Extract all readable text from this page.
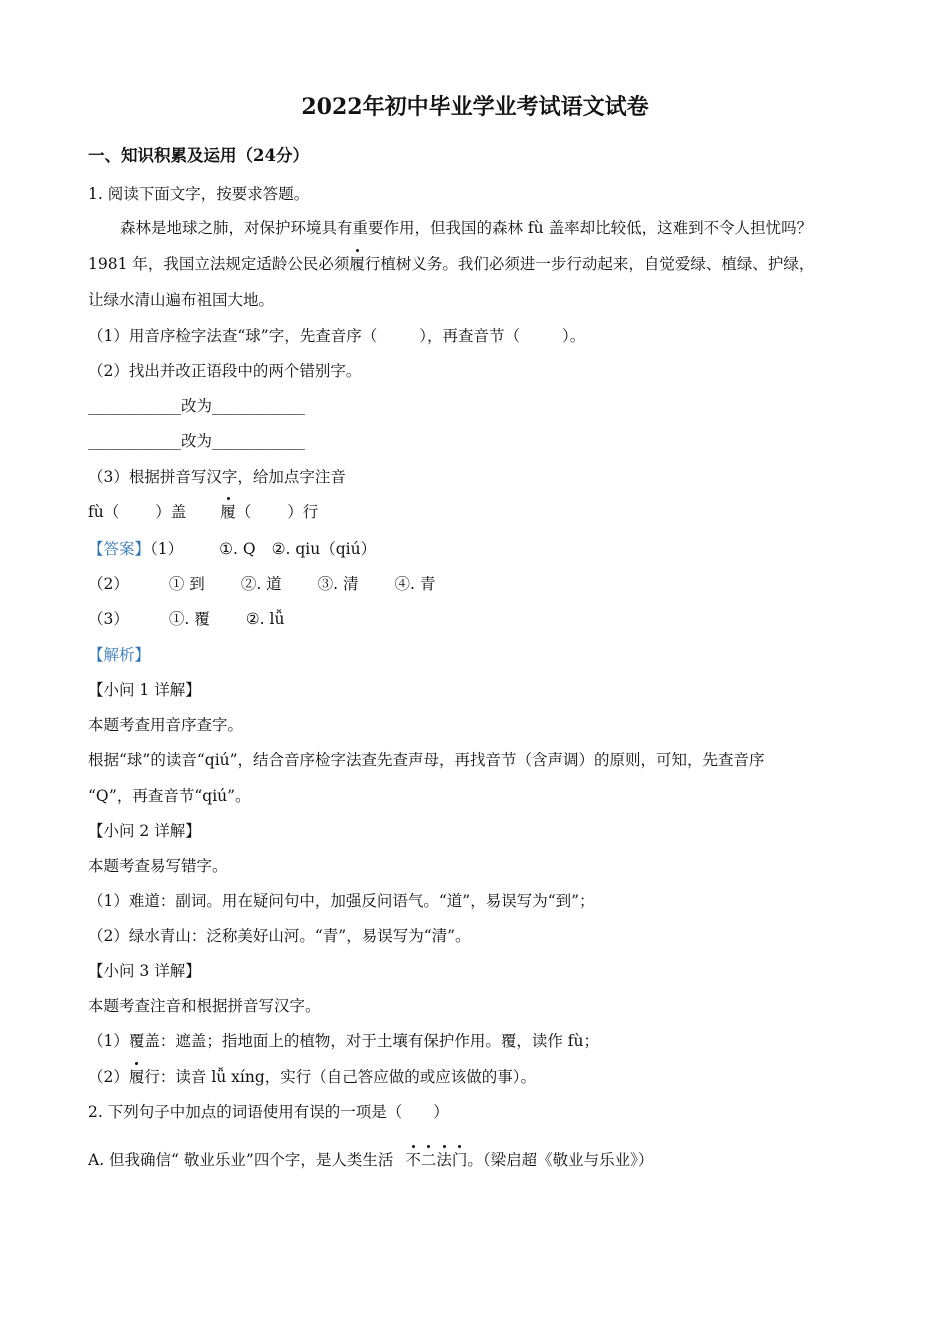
2022年初中毕业学业考试语文试卷

一、知识积累及运用（24分）

1. 阅读下面文字，按要求答题。

森林是地球之肺，对保护环境具有重要作用，但我国的森林 fù 盖率却比较低，这难到不令人担忧吗？

1981 年，我国立法规定适龄公民必须履行植树义务。我们必须进一步行动起来，自觉爱绿、植绿、护绿，

让绿水清山遍布祖国大地。

（1）用音序检字法查“球”字，先查音序（	），再查音节（	）。

（2）找出并改正语段中的两个错别字。

____________改为____________

____________改为____________

（3）根据拼音写汉字，给加点字注音

fù（ ）盖 履（ ）行

【答案】（1） ①. Q ②. qiu（qiú）

（2）	① 到 ②. 道 ③. 清 ④. 青

（3）	①. 覆 ②. lǚ

【解析】

【小问 1 详解】

本题考查用音序查字。

根据“球”的读音“qiú”，结合音序检字法查先查声母，再找音节（含声调）的原则，可知，先查音序

“Q”，再查音节“qiú”。

【小问 2 详解】

本题考查易写错字。

（1）难道：副词。用在疑问句中，加强反问语气。“道”，易误写为“到”；

（2）绿水青山：泛称美好山河。“青”，易误写为“清”。

【小问 3 详解】

本题考查注音和根据拼音写汉字。

（1）覆盖：遮盖；指地面上的植物，对于土壤有保护作用。覆，读作 fù；

（2）履行：读音 lǚ xíng，实行（自己答应做的或应该做的事）。

2. 下列句子中加点的词语使用有误的一项是（　　）

A. 但我确信“ 敬业乐业”四个字，是人类生活 不二法门。（梁启超《敬业与乐业》）
